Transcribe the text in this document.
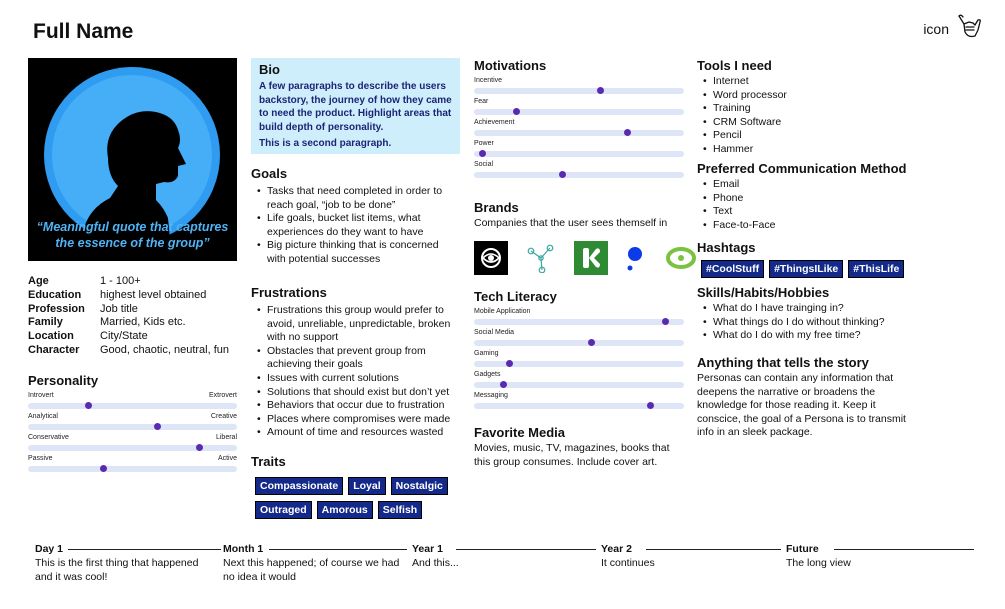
Full Name	icon
“Meaningful quote that captures the essence of the group”
Age	1 - 100+
Education	highest level obtained
Profession	Job title
Family	Married, Kids etc.
Location	City/State
Character	Good, chaotic, neutral, fun
Personality
Introvert	Extrovert
Analytical	Creative
Conservative	Liberal
Passive	Active
Bio

A few paragraphs to describe the users backstory, the journey of how they came to need the product. Highlight areas that build depth of personality.

This is a second paragraph.

Goals
• Tasks that need completed in order to reach goal, “job to be done”
• Life goals, bucket list items, what experiences do they want to have
• Big picture thinking that is concerned with potential successes
Frustrations
• Frustrations this group would prefer to avoid, unreliable, unpredictable, broken with no support
• Obstacles that prevent group from achieving their goals
• Issues with current solutions
• Solutions that should exist but don’t yet
• Behaviors that occur due to frustration
• Places where compromises were made
• Amount of time and resources wasted
Traits
Compassionate	Loyal	Nostalgic
Outraged	Amorous	Selfish
Motivations
Incentive
Fear
Achievement
Power
Social
Brands
Companies that the user sees themself in
Tech Literacy
Mobile Application
Social Media
Gaming
Gadgets
Messaging
Favorite Media
Movies, music, TV, magazines, books that this group consumes. Include cover art.
Tools I need
• Internet
• Word processor
• Training
• CRM Software
• Pencil
• Hammer
Preferred Communication Method
• Email
• Phone
• Text
• Face-to-Face
Hashtags
#CoolStuff	#ThingsILike	#ThisLife
Skills/Habits/Hobbies
• What do I have trainging in?
• What things do I do without thinking?
• What do I do with my free time?
Anything that tells the story
Personas can contain any information that deepens the narrative or broadens the knowledge for those reading it. Keep it conscice, the goal of a Persona is to transmit info in an sleek package.
Day 1
This is the first thing that happened and it was cool!
Month 1
Next this happened; of course we had no idea it would
Year 1
And this...
Year 2
It continues
Future
The long view
